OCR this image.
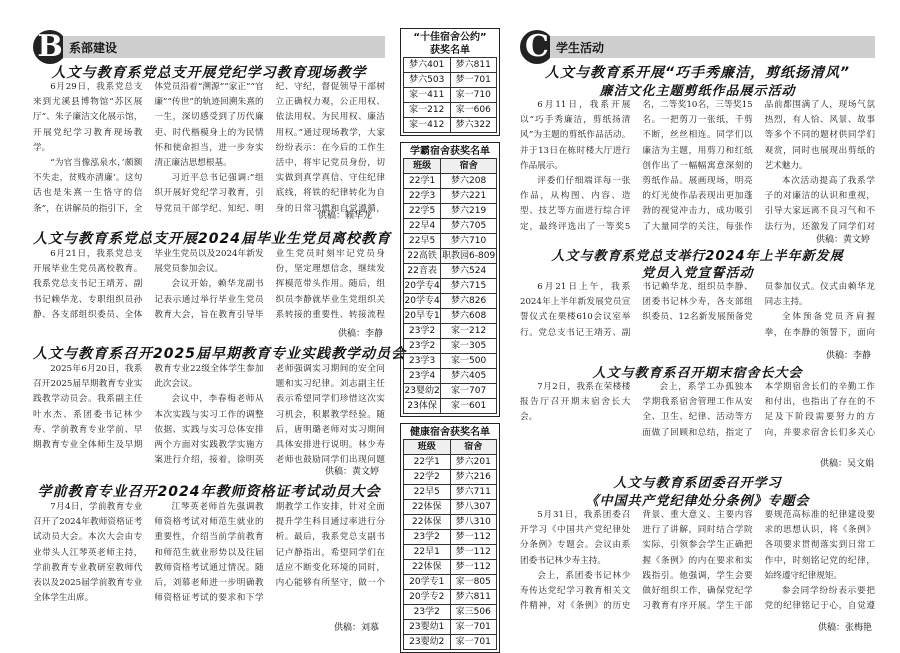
B 系部建设
人文与教育系党总支开展党纪学习教育现场教学

6月29日，我系党总支来到尤溪县博物馆“苏区展厅”、朱子廉洁文化展示馆，开展党纪学习教育现场教学。

“为官当像泓泉水，’颇额不失走，贫贱亦清廉’。这句话也是朱熹一生恪守的信条”，在讲解员的指引下，全体党员沿着“溯源”“家正”“官廉”“传世”的轨迹回溯朱熹的一生，深切感受到了历代廉吏、时代楷模身上的为民情怀和使命担当，进一步夯实清正廉洁思想根基。

习近平总书记强调:“组织开展好党纪学习教育，引导党员干部学纪、知纪、明纪、守纪，督促领导干部树立正确权力观，公正用权、依法用权、为民用权、廉洁用权。”通过现场教学，大家纷纷表示：在今后的工作生活中，将牢记党员身份，切实做到真学真信、守住纪律底线，将铁的纪律转化为自身的日常习惯和自觉遵循，

供稿：赖华龙
人文与教育系党总支开展2024届毕业生党员离校教育

6月21日，我系党总支开展毕业生党员离校教育。我系党总支书记王靖芳、副书记赖华龙、专职组织员孙静、各支部组织委员、全体毕业生党员以及2024年新发展党员参加会议。

会议开始，赖华龙副书记表示通过举行毕业生党员教育大会，旨在教育引导毕业生党员时刻牢记党员身份，坚定理想信念，继续发挥模范带头作用。随后，组织员李静就毕业生党组织关系转接的重要性、转接流程

供稿：李静
人文与教育系召开2025届早期教育专业实践教学动员会

2025年6月20日，我系召开2025届早期教育专业实践教学动员会。我系副主任叶水杰、系团委书记林少寿、学前教育专业学前、早期教育专业全体师生及早期教育专业22级全体学生参加此次会议。

会议中，李春梅老师从本次实践与实习工作的调整依据、实践与实习总体安排两个方面对实践教学实施方案进行介绍，接着，徐明英老师强调实习期间的安全问题和实习纪律。刘志副主任表示希望同学们珍惜这次实习机会，积累教学经验。随后，唐明璐老师对实习期间具体安排进行说明。林少寿老师也鼓励同学们出现问题

供稿：黄文婷
学前教育专业召开2024年教师资格证考试动员大会

7月4日，学前教育专业召开了2024年教师资格证考试动员大会。本次大会由专业带头人江琴英老师主持，学前教育专业教研室教师代表以及2025届学前教育专业全体学生出席。

江琴英老师首先强调教师资格考试对师范生就业的重要性，介绍当前学前教育和师范生就业形势以及往届教师资格考试通过情况。随后，刘慕老师进一步明确教师资格证考试的要求和下学期教学工作安排，针对全面提升学生科目通过率进行分析。最后，我系党总支副书记卢静指出，希望同学们在适应不断变化环境的同时，内心能够有所坚守，做一个

供稿：刘慕
“十佳宿舍公约”
获奖名单
梦六401	梦六811
梦六503	梦一701
家一411	家一710
家一212	家一606
家一412	梦六322
学霸宿舍获奖名单
班级	宿舍
22学1	梦六208
22学3	梦六221
22学5	梦六219
22早4	梦六705
22早5	梦六710
22高铁	职教园6-809
22音表	梦六524
20学专4	梦六715
20学专4	梦六826
20早专1	梦六608
23学2	家一212
23学2	家一305
23学3	家一500
23学4	梦六405
23婴幼2	家一707
23体保	家一601
健康宿舍获奖名单
班级	宿舍
22学1	梦六201
22学2	梦六216
22早5	梦六711
22体保	梦八307
22体保	梦八310
23学2	梦一112
22早1	梦一112
22体保	梦一112
20学专1	家一805
20学专2	梦六811
23学2	家三506
23婴幼1	家一701
23婴幼2	家一701
C 学生活动
人文与教育系开展“巧手秀廉洁，剪纸扬清风”
廉洁文化主题剪纸作品展示活动

6月11日，我系开展以“巧手秀廉洁，剪纸扬清风”为主题的剪纸作品活动。并于13日在栋时楼大厅进行作品展示。

评委们仔细端详每一张作品，从构图、内容、造型、技艺等方面进行综合评定，最终评选出了一等奖5名，二等奖10名，三等奖15名。一把剪刀一张纸，千剪不断，丝丝相连。同学们以廉洁为主题，用剪刀和红纸创作出了一幅幅寓意深刻的剪纸作品。展画现场，明亮的灯光使作品表现出更加蓬勃的视觉冲击力，成功吸引了大量同学的关注，每张作品前都围满了人，现场气氛热烈，有人恰、风景、故事等多个不同的题材供同学们观赏，同时也展现出剪纸的艺术魅力。

本次活动提高了我系学子的对廉洁的认识和重视，引导大家远离不良习气和不法行为，还激发了同学们对

供稿：黄文婷
人文与教育系党总支举行2024年上半年新发展
党员入党宣誓活动

6月21日上午，我系2024年上半年新发展党员宣誓仪式在栗楼610会议室举行。党总支书记王靖芳、副书记赖华龙、组织员李静、团委书记林少寿，各支部组织委员、12名新发展预备党员参加仪式。仪式由赖华龙同志主持。

全体预备党员齐肩握拳，在李静的领誓下，面向

供稿：李静
人文与教育系召开期末宿舍长大会

7月2日，我系在荣楼楼报告厅召开期末宿舍长大会。

会上，系学工办孤独本学期我系宿舍管理工作从安全、卫生、纪律、活动等方面做了回顾和总结，指定了本学期宿舍长们的辛勤工作和付出，也指出了存在的不足及下阶段需要努力的方向，并要求宿舍长们多关心

供稿：吴文娟
人文与教育系团委召开学习
《中国共产党纪律处分条例》专题会

5月31日，我系团委召开学习《中国共产党纪律处分条例》专题会。会议由系团委书记林少寿主持。

会上，系团委书记林少寿传达党纪学习教育相关文件精神，对《条例》的历史背景、重大意义、主要内容进行了讲解，同时结合学院实际，引领参会学生正确把握《条例》的内在要求和实践指引。他强调，学生会要做好组织工作，确保党纪学习教育有序开展。学生干部要规范高标准的纪律建设要求的思想认识，将《条例》各项要求贯彻落实到日常工作中，时刻铭记党的纪律，始终遵守纪律规矩。

参会同学纷纷表示要把党的纪律铭记于心，自觉遵

供稿：张梅艳
